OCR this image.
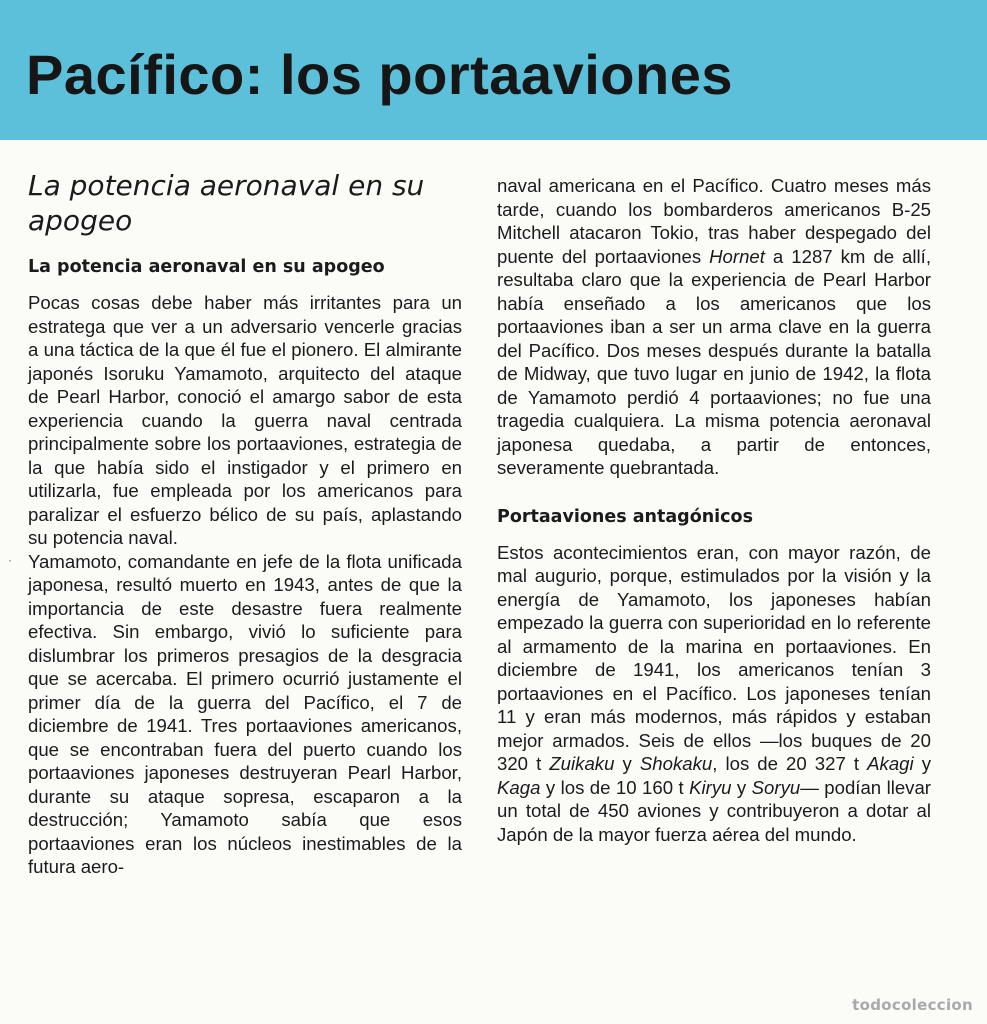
Pacífico: los portaaviones
·
La potencia aeronaval en su apogeo
La potencia aeronaval en su apogeo

Pocas cosas debe haber más irritantes para un estratega que ver a un adversario vencerle gracias a una táctica de la que él fue el pionero. El almirante japonés Isoruku Yamamoto, arquitecto del ataque de Pearl Harbor, conoció el amargo sabor de esta experiencia cuando la guerra naval centrada principalmente sobre los portaaviones, estrategia de la que había sido el instigador y el primero en utilizarla, fue empleada por los americanos para paralizar el esfuerzo bélico de su país, aplastando su potencia naval.

Yamamoto, comandante en jefe de la flota unificada japonesa, resultó muerto en 1943, antes de que la importancia de este desastre fuera realmente efectiva. Sin embargo, vivió lo suficiente para dislumbrar los primeros presagios de la desgracia que se acercaba. El primero ocurrió justamente el primer día de la guerra del Pacífico, el 7 de diciembre de 1941. Tres portaaviones americanos, que se encontraban fuera del puerto cuando los portaaviones japoneses destruyeran Pearl Harbor, durante su ataque sopresa, escaparon a la destrucción; Yamamoto sabía que esos portaaviones eran los núcleos inestimables de la futura aero-

naval americana en el Pacífico. Cuatro meses más tarde, cuando los bombarderos americanos B-25 Mitchell atacaron Tokio, tras haber despegado del puente del portaaviones Hornet a 1287 km de allí, resultaba claro que la experiencia de Pearl Harbor había enseñado a los americanos que los portaaviones iban a ser un arma clave en la guerra del Pacífico. Dos meses después durante la batalla de Midway, que tuvo lugar en junio de 1942, la flota de Yamamoto perdió 4 portaaviones; no fue una tragedia cualquiera. La misma potencia aeronaval japonesa quedaba, a partir de entonces, severamente quebrantada.

Portaaviones antagónicos

Estos acontecimientos eran, con mayor razón, de mal augurio, porque, estimulados por la visión y la energía de Yamamoto, los japoneses habían empezado la guerra con superioridad en lo referente al armamento de la marina en portaaviones. En diciembre de 1941, los americanos tenían 3 portaaviones en el Pacífico. Los japoneses tenían 11 y eran más modernos, más rápidos y estaban mejor armados. Seis de ellos —los buques de 20 320 t Zuikaku y Shokaku, los de 20 327 t Akagi y Kaga y los de 10 160 t Kiryu y Soryu— podían llevar un total de 450 aviones y contribuyeron a dotar al Japón de la mayor fuerza aérea del mundo.

todocoleccion
